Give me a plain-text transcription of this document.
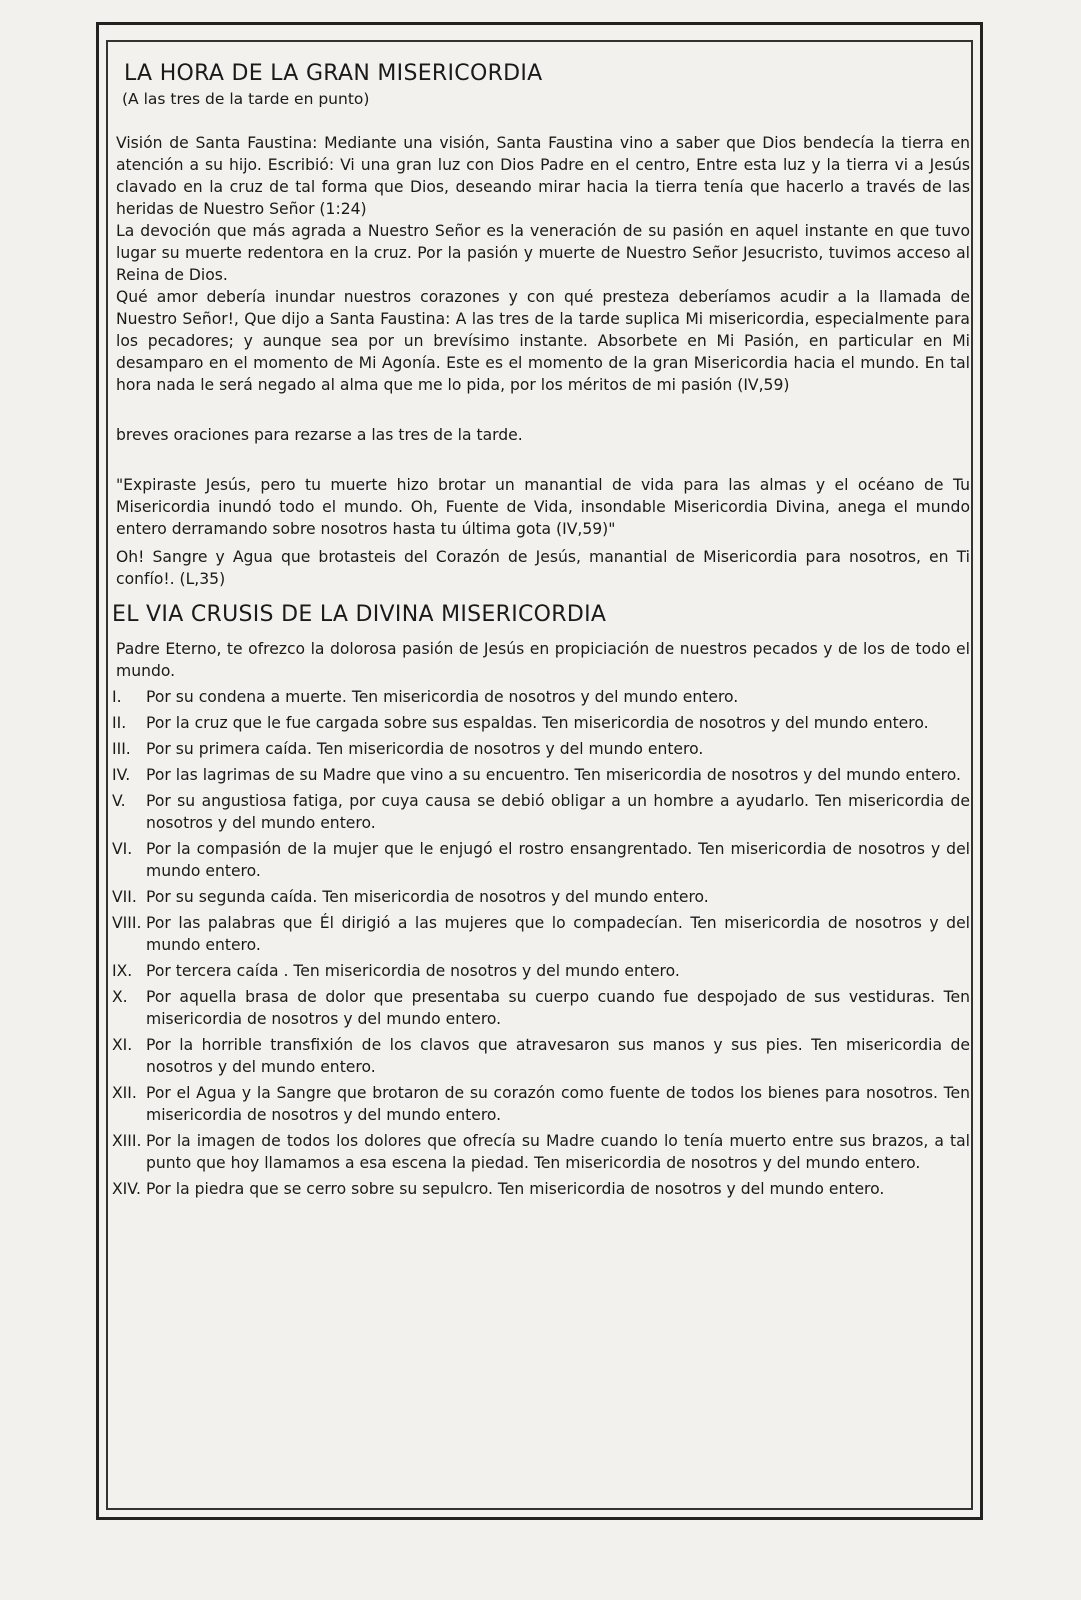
LA HORA DE LA GRAN MISERICORDIA
(A las tres de la tarde en punto)

Visión de Santa Faustina: Mediante una visión, Santa Faustina vino a saber que Dios bendecía la tierra en atención a su hijo. Escribió: Vi una gran luz con Dios Padre en el centro, Entre esta luz y la tierra vi a Jesús clavado en la cruz de tal forma que Dios, deseando mirar hacia la tierra tenía que hacerlo a través de las heridas de Nuestro Señor (1:24)

La devoción que más agrada a Nuestro Señor es la veneración de su pasión en aquel instante en que tuvo lugar su muerte redentora en la cruz. Por la pasión y muerte de Nuestro Señor Jesucristo, tuvimos acceso al Reina de Dios.

Qué amor debería inundar nuestros corazones y con qué presteza deberíamos acudir a la llamada de Nuestro Señor!, Que dijo a Santa Faustina: A las tres de la tarde suplica Mi misericordia, especialmente para los pecadores; y aunque sea por un brevísimo instante. Absorbete en Mi Pasión, en particular en Mi desamparo en el momento de Mi Agonía. Este es el momento de la gran Misericordia hacia el mundo. En tal hora nada le será negado al alma que me lo pida, por los méritos de mi pasión (IV,59)

breves oraciones para rezarse a las tres de la tarde.

"Expiraste Jesús, pero tu muerte hizo brotar un manantial de vida para las almas y el océano de Tu Misericordia inundó todo el mundo. Oh, Fuente de Vida, insondable Misericordia Divina, anega el mundo entero derramando sobre nosotros hasta tu última gota (IV,59)"

Oh! Sangre y Agua que brotasteis del Corazón de Jesús, manantial de Misericordia para nosotros, en Ti confío!. (L,35)

EL VIA CRUSIS DE LA DIVINA MISERICORDIA

Padre Eterno, te ofrezco la dolorosa pasión de Jesús en propiciación de nuestros pecados y de los de todo el mundo.

I.	Por su condena a muerte. Ten misericordia de nosotros y del mundo entero.
II.	Por la cruz que le fue cargada sobre sus espaldas. Ten misericordia de nosotros y del mundo entero.
III. Por su primera caída. Ten misericordia de nosotros y del mundo entero.
IV.	Por las lagrimas de su Madre que vino a su encuentro. Ten misericordia de nosotros y del mundo entero.
V.	Por su angustiosa fatiga, por cuya causa se debió obligar a un hombre a ayudarlo. Ten misericordia de nosotros y del mundo entero.
VI. Por la compasión de la mujer que le enjugó el rostro ensangrentado. Ten misericordia de nosotros y del mundo entero.
VII. Por su segunda caída. Ten misericordia de nosotros y del mundo entero.
VIII. Por las palabras que Él dirigió a las mujeres que lo compadecían. Ten misericordia de nosotros y del mundo entero.
IX. Por tercera caída . Ten misericordia de nosotros y del mundo entero.
X.	Por aquella brasa de dolor que presentaba su cuerpo cuando fue despojado de sus vestiduras. Ten misericordia de nosotros y del mundo entero.
XI. Por la horrible transfixión de los clavos que atravesaron sus manos y sus pies. Ten misericordia de nosotros y del mundo entero.
XII. Por el Agua y la Sangre que brotaron de su corazón como fuente de todos los bienes para nosotros. Ten misericordia de nosotros y del mundo entero.
XIII. Por la imagen de todos los dolores que ofrecía su Madre cuando lo tenía muerto entre sus brazos, a tal punto que hoy llamamos a esa escena la piedad. Ten misericordia de nosotros y del mundo entero.
XIV. Por la piedra que se cerro sobre su sepulcro. Ten misericordia de nosotros y del mundo entero.
